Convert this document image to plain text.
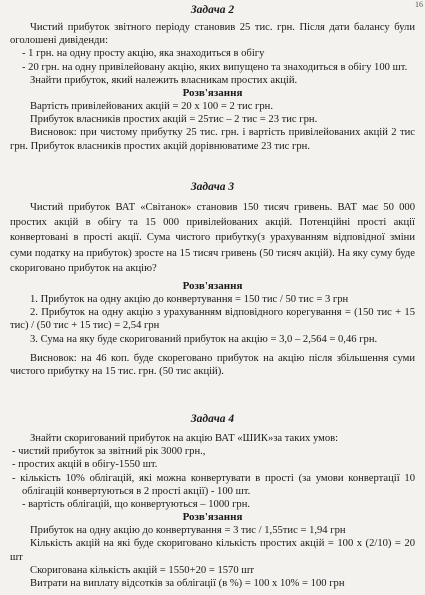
16

Задача 2

Чистий прибуток звітного періоду становив 25 тис. грн. Після дати балансу були оголошені дивіденди:

- 1 грн. на одну просту акцію, яка знаходиться в обігу

- 20 грн. на одну привілейовану акцію, яких випущено та знаходиться в обігу 100 шт.

Знайти прибуток, який належить власникам простих акцій.

Розв'язання

Вартість привілейованих акцій = 20 х 100 = 2 тис грн.

Прибуток власників простих акцій = 25тис – 2 тис = 23 тис грн.

Висновок: при чистому прибутку 25 тис. грн. і вартість привілейованих акцій 2 тис грн. Прибуток власників простих акцій дорівнюватиме 23 тис грн.

Задача 3

Чистий прибуток ВАТ «Світанок» становив 150 тисяч гривень. ВАТ має 50 000 простих акцій в обігу та 15 000 привілейованих акцій. Потенційні прості акції конвертовані в прості акції. Сума чистого прибутку(з урахуванням відповідної зміни суми податку на прибуток) зросте на 15 тисяч гривень (50 тисяч акцій). На яку суму буде скориговано прибуток на акцію?

Розв'язання

1. Прибуток на одну акцію до конвертування = 150 тис / 50 тис = 3 грн

2. Прибуток на одну акцію з урахуванням відповідного корегування = (150 тис + 15 тис) / (50 тис + 15 тис) = 2,54 грн

3. Сума на яку буде скоригований прибуток на акцію = 3,0 – 2,564 = 0,46 грн.

Висновок: на 46 коп. буде скореговано прибуток на акцію після збільшення суми чистого прибутку на 15 тис. грн. (50 тис акцій).

Задача 4

Знайти скоригований прибуток на акцію ВАТ «ШИК»за таких умов:

- чистий прибуток за звітний рік 3000 грн.,

- простих акцій в обігу-1550 шт.

- кількість 10% облігацій, які можна конвертувати в прості (за умови конвертації 10 облігацій конвертуються в 2 прості акції) - 100 шт.

- вартість облігацій, що конвертуються – 1000 грн.

Розв'язання

Прибуток на одну акцію до конвертування = 3 тис / 1,55тис = 1,94 грн

Кількість акцій на які буде скориговано кількість простих акцій = 100 х (2/10) = 20 шт

Скоригована кількість акцій = 1550+20 = 1570 шт

Витрати на виплату відсотків за облігації (в %) = 100 х 10% = 100 грн
